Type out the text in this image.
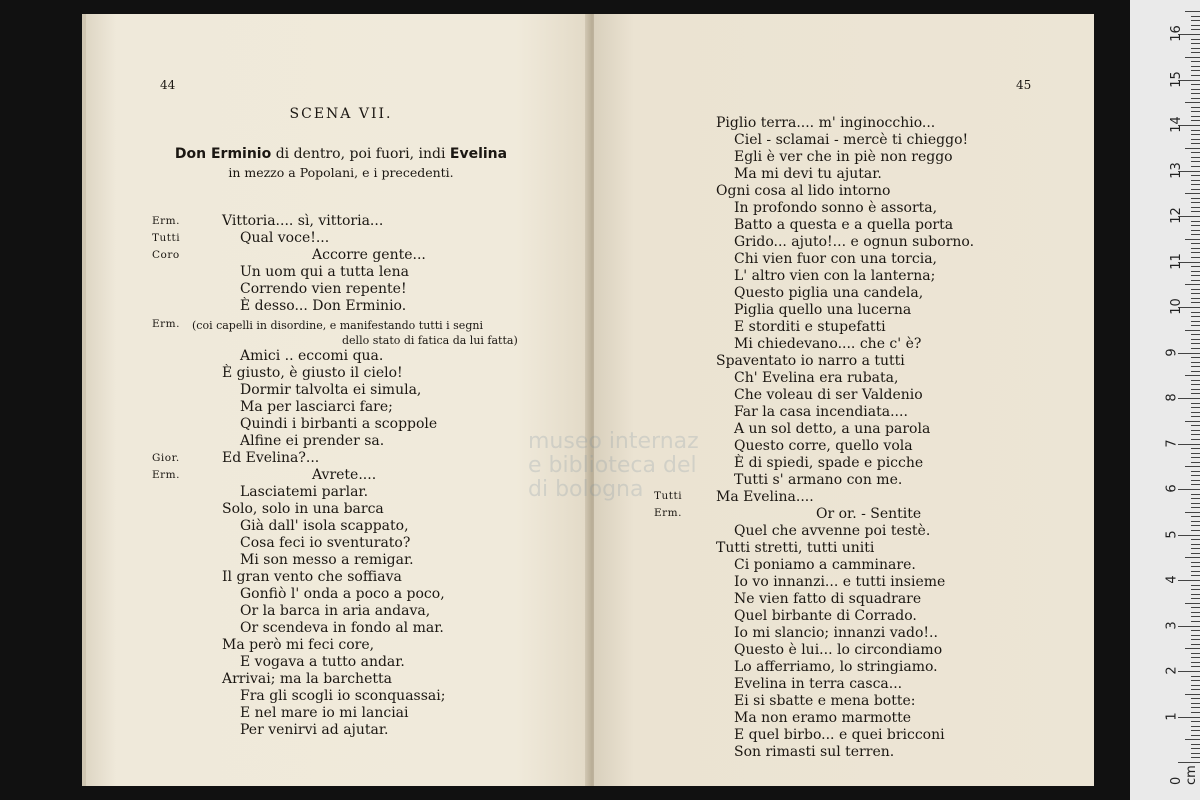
44
SCENA VII.
Don Erminio di dentro, poi fuori, indi Evelina
in mezzo a Popolani, e i precedenti.
Erm.
Tutti
Coro
Erm.
Gior.
Erm.
(coi capelli in disordine, e manifestando tutti i segni
dello stato di fatica da lui fatta)
Vittoria.... sì, vittoria...
Qual voce!...
Accorre gente...
Un uom qui a tutta lena
Correndo vien repente!
È desso... Don Erminio.
Amici .. eccomi qua.
È giusto, è giusto il cielo!
Dormir talvolta ei simula,
Ma per lasciarci fare;
Quindi i birbanti a scoppole
Alfine ei prender sa.
Ed Evelina?...
Avrete....
Lasciatemi parlar.
Solo, solo in una barca
Già dall' isola scappato,
Cosa feci io sventurato?
Mi son messo a remigar.
Il gran vento che soffiava
Gonfiò l' onda a poco a poco,
Or la barca in aria andava,
Or scendeva in fondo al mar.
Ma però mi feci core,
E vogava a tutto andar.
Arrivai; ma la barchetta
Fra gli scogli io sconquassai;
E nel mare io mi lanciai
Per venirvi ad ajutar.
45
Tutti
Erm.
Piglio terra.... m' inginocchio...
Ciel - sclamai - mercè ti chieggo!
Egli è ver che in piè non reggo
Ma mi devi tu ajutar.
Ogni cosa al lido intorno
In profondo sonno è assorta,
Batto a questa e a quella porta
Grido... ajuto!... e ognun suborno.
Chi vien fuor con una torcia,
L' altro vien con la lanterna;
Questo piglia una candela,
Piglia quello una lucerna
E storditi e stupefatti
Mi chiedevano.... che c' è?
Spaventato io narro a tutti
Ch' Evelina era rubata,
Che voleau di ser Valdenio
Far la casa incendiata....
A un sol detto, a una parola
Questo corre, quello vola
È di spiedi, spade e picche
Tutti s' armano con me.
Ma Evelina....
Or or. - Sentite
Quel che avvenne poi testè.
Tutti stretti, tutti uniti
Ci poniamo a camminare.
Io vo innanzi... e tutti insieme
Ne vien fatto di squadrare
Quel birbante di Corrado.
Io mi slancio; innanzi vado!..
Questo è lui... lo circondiamo
Lo afferriamo, lo stringiamo.
Evelina in terra casca...
Ei si sbatte e mena botte:
Ma non eramo marmotte
E quel birbo... e quei bricconi
Son rimasti sul terren.
museo internaz
e biblioteca del
di bologna
0 cm
1
2
3
4
5
6
7
8
9
10
11
12
13
14
15
16
